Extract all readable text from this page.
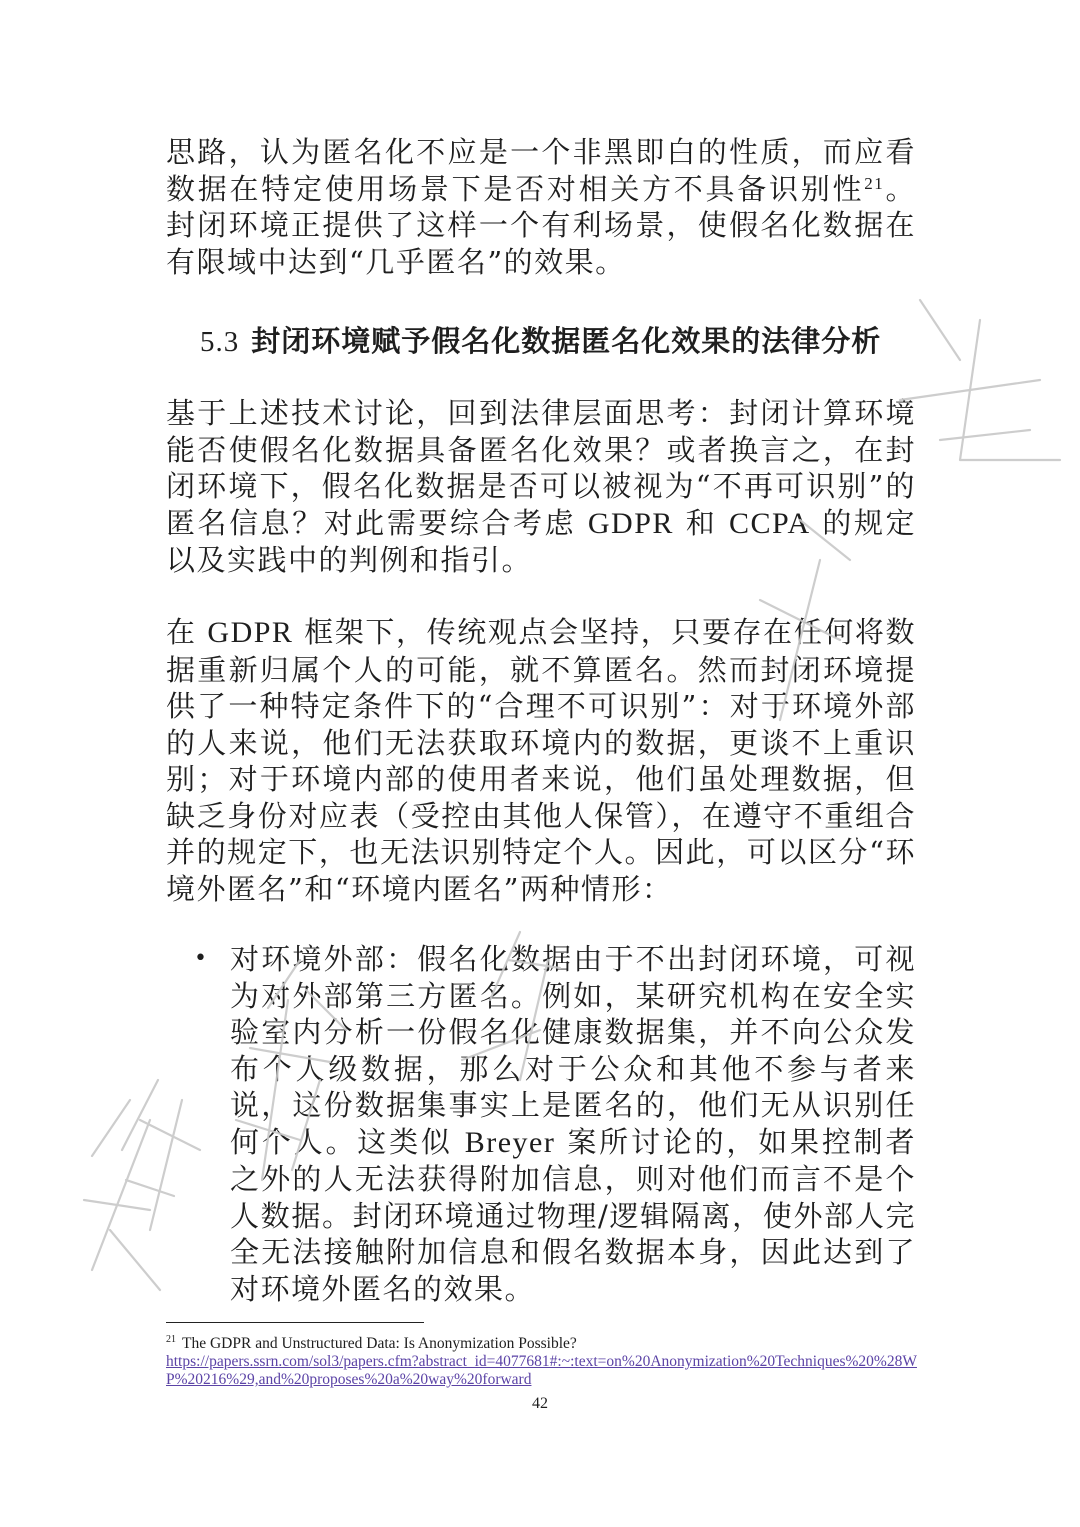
思路，认为匿名化不应是一个非黑即白的性质，而应看数据在特定使用场景下是否对相关方不具备识别性$^{21}$。封闭环境正提供了这样一个有利场景，使假名化数据在有限域中达到“几乎匿名”的效果。

5.3 封闭环境赋予假名化数据匿名化效果的法律分析

基于上述技术讨论，回到法律层面思考：封闭计算环境能否使假名化数据具备匿名化效果？或者换言之，在封闭环境下，假名化数据是否可以被视为“不再可识别”的匿名信息？对此需要综合考虑 GDPR 和 CCPA 的规定以及实践中的判例和指引。

在 GDPR 框架下，传统观点会坚持，只要存在任何将数据重新归属个人的可能，就不算匿名。然而封闭环境提供了一种特定条件下的“合理不可识别”：对于环境外部的人来说，他们无法获取环境内的数据，更谈不上重识别；对于环境内部的使用者来说，他们虽处理数据，但缺乏身份对应表（受控由其他人保管），在遵守不重组合并的规定下，也无法识别特定个人。因此，可以区分“环境外匿名”和“环境内匿名”两种情形：

• 对环境外部：假名化数据由于不出封闭环境，可视为对外部第三方匿名。例如，某研究机构在安全实验室内分析一份假名化健康数据集，并不向公众发布个人级数据，那么对于公众和其他不参与者来说，这份数据集事实上是匿名的，他们无从识别任何个人。这类似 Breyer 案所讨论的，如果控制者之外的人无法获得附加信息，则对他们而言不是个人数据。封闭环境通过物理/逻辑隔离，使外部人完全无法接触附加信息和假名数据本身，因此达到了对环境外匿名的效果。
$^{21}$ The GDPR and Unstructured Data: Is Anonymization Possible?
https://papers.ssrn.com/sol3/papers.cfm?abstract_id=4077681#:~:text=on%20Anonymization%20Techniques%20%28WP%20216%29,and%20proposes%20a%20way%20forward
42
